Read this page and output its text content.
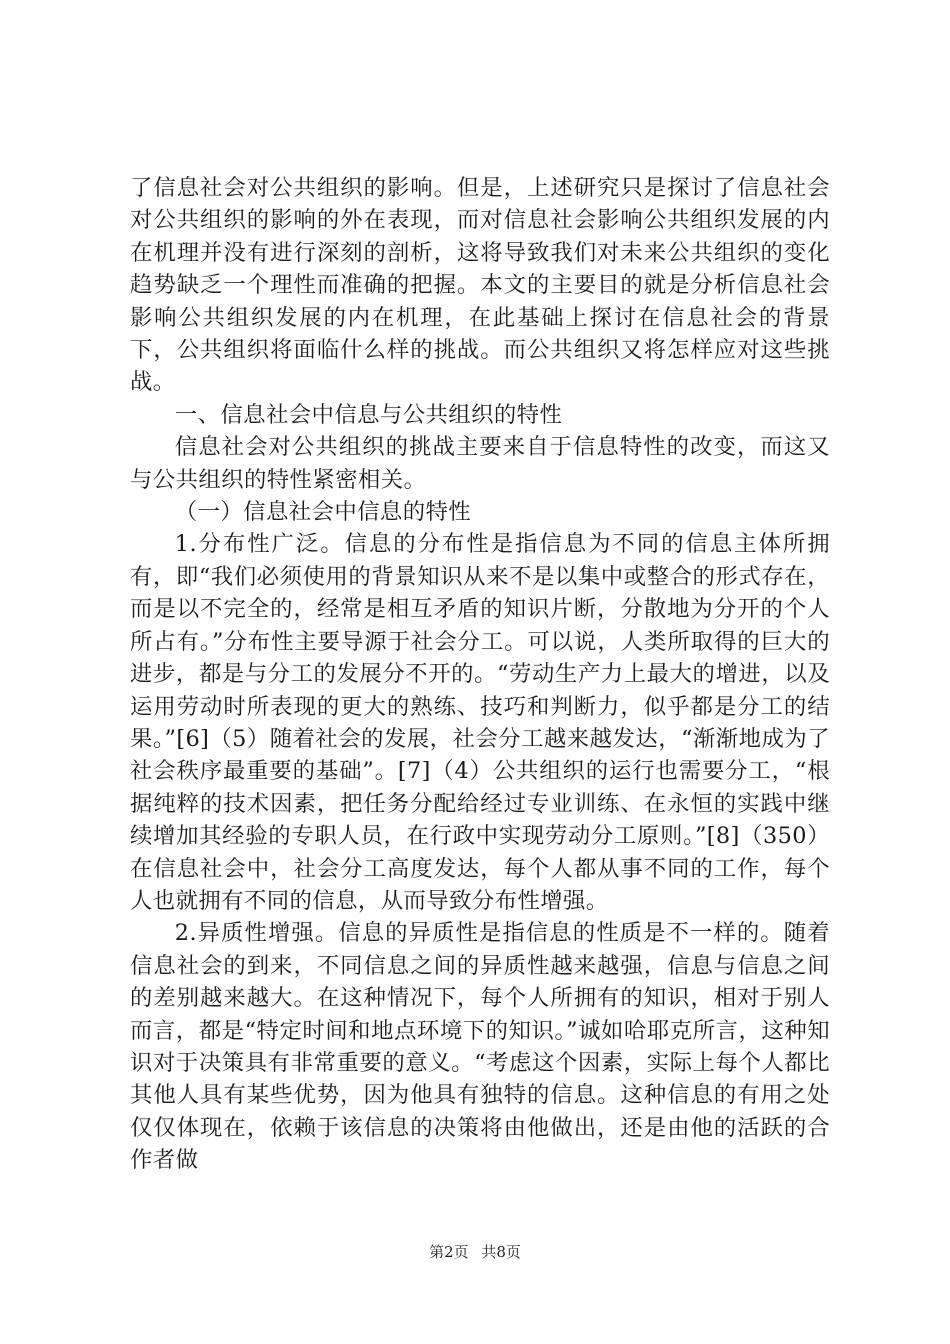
了信息社会对公共组织的影响。但是，上述研究只是探讨了信息社会对公共组织的影响的外在表现，而对信息社会影响公共组织发展的内在机理并没有进行深刻的剖析，这将导致我们对未来公共组织的变化趋势缺乏一个理性而准确的把握。本文的主要目的就是分析信息社会影响公共组织发展的内在机理，在此基础上探讨在信息社会的背景下，公共组织将面临什么样的挑战。而公共组织又将怎样应对这些挑战。

一、信息社会中信息与公共组织的特性

信息社会对公共组织的挑战主要来自于信息特性的改变，而这又与公共组织的特性紧密相关。

（一）信息社会中信息的特性

1.分布性广泛。信息的分布性是指信息为不同的信息主体所拥有，即“我们必须使用的背景知识从来不是以集中或整合的形式存在，而是以不完全的，经常是相互矛盾的知识片断，分散地为分开的个人所占有。”分布性主要导源于社会分工。可以说，人类所取得的巨大的进步，都是与分工的发展分不开的。“劳动生产力上最大的增进，以及运用劳动时所表现的更大的熟练、技巧和判断力，似乎都是分工的结果。”[6]（5）随着社会的发展，社会分工越来越发达，“渐渐地成为了社会秩序最重要的基础”。[7]（4）公共组织的运行也需要分工，“根据纯粹的技术因素，把任务分配给经过专业训练、在永恒的实践中继续增加其经验的专职人员，在行政中实现劳动分工原则。”[8]（350）在信息社会中，社会分工高度发达，每个人都从事不同的工作，每个人也就拥有不同的信息，从而导致分布性增强。

2.异质性增强。信息的异质性是指信息的性质是不一样的。随着信息社会的到来，不同信息之间的异质性越来越强，信息与信息之间的差别越来越大。在这种情况下，每个人所拥有的知识，相对于别人而言，都是“特定时间和地点环境下的知识。”诚如哈耶克所言，这种知识对于决策具有非常重要的意义。“考虑这个因素，实际上每个人都比其他人具有某些优势，因为他具有独特的信息。这种信息的有用之处仅仅体现在，依赖于该信息的决策将由他做出，还是由他的活跃的合作者做

第2页 共8页
